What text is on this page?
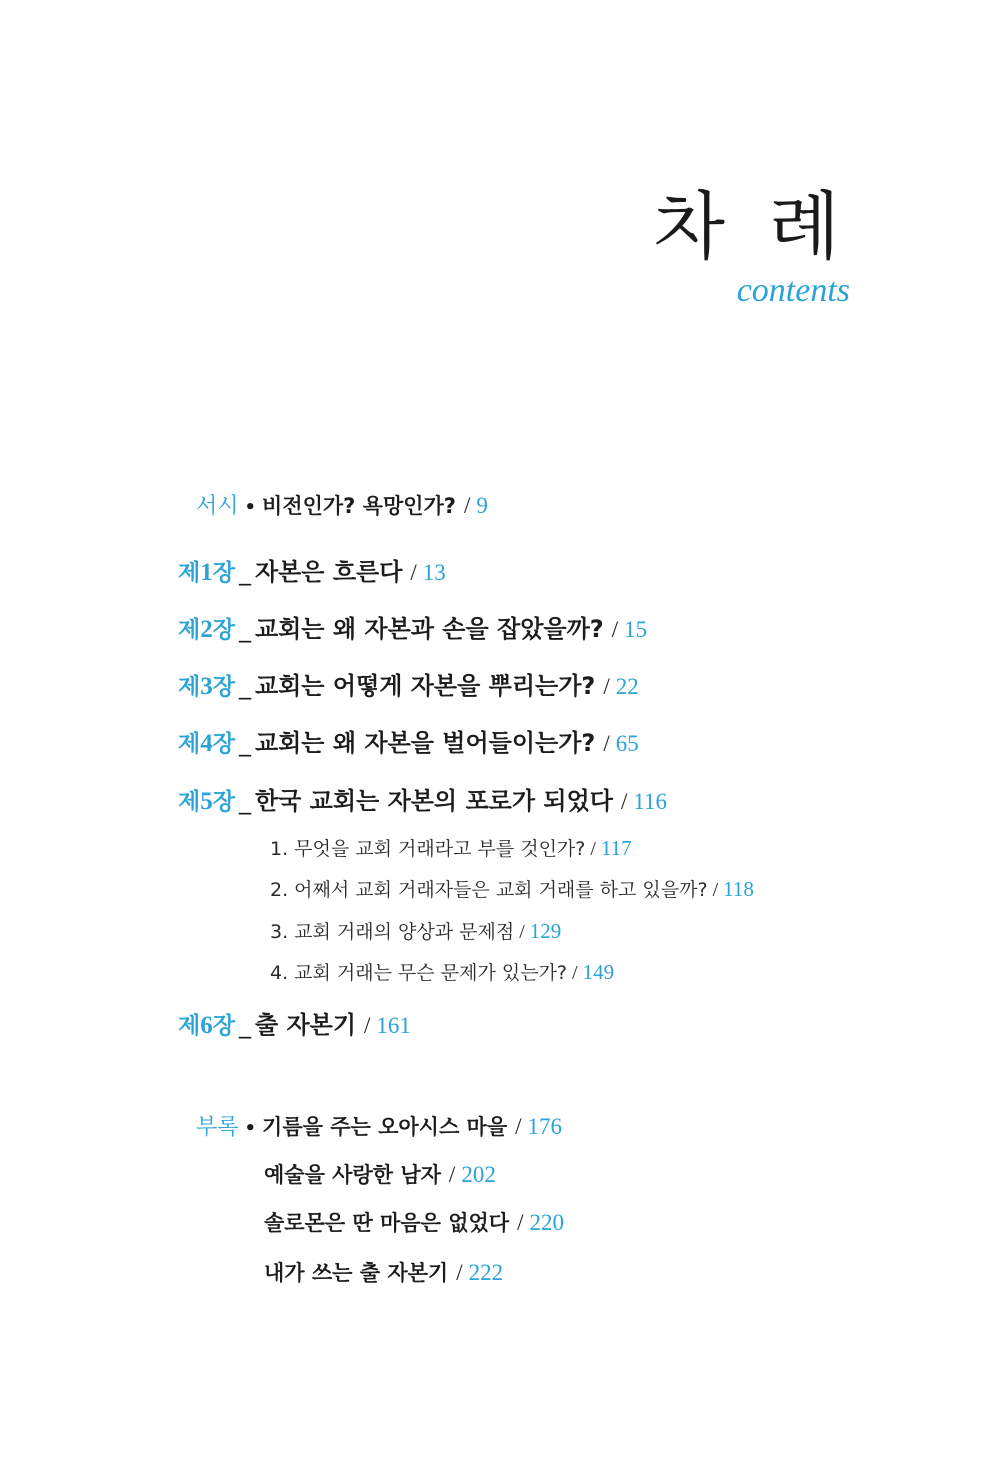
차 례
contents
서시 • 비전인가? 욕망인가? / 9
제1장 _ 자본은 흐른다 / 13
제2장 _ 교회는 왜 자본과 손을 잡았을까? / 15
제3장 _ 교회는 어떻게 자본을 뿌리는가? / 22
제4장 _ 교회는 왜 자본을 벌어들이는가? / 65
제5장 _ 한국 교회는 자본의 포로가 되었다 / 116
1. 무엇을 교회 거래라고 부를 것인가? / 117
2. 어째서 교회 거래자들은 교회 거래를 하고 있을까? / 118
3. 교회 거래의 양상과 문제점 / 129
4. 교회 거래는 무슨 문제가 있는가? / 149
제6장 _ 출 자본기 / 161
부록 • 기름을 주는 오아시스 마을 / 176
예술을 사랑한 남자 / 202
솔로몬은 딴 마음은 없었다 / 220
내가 쓰는 출 자본기 / 222
